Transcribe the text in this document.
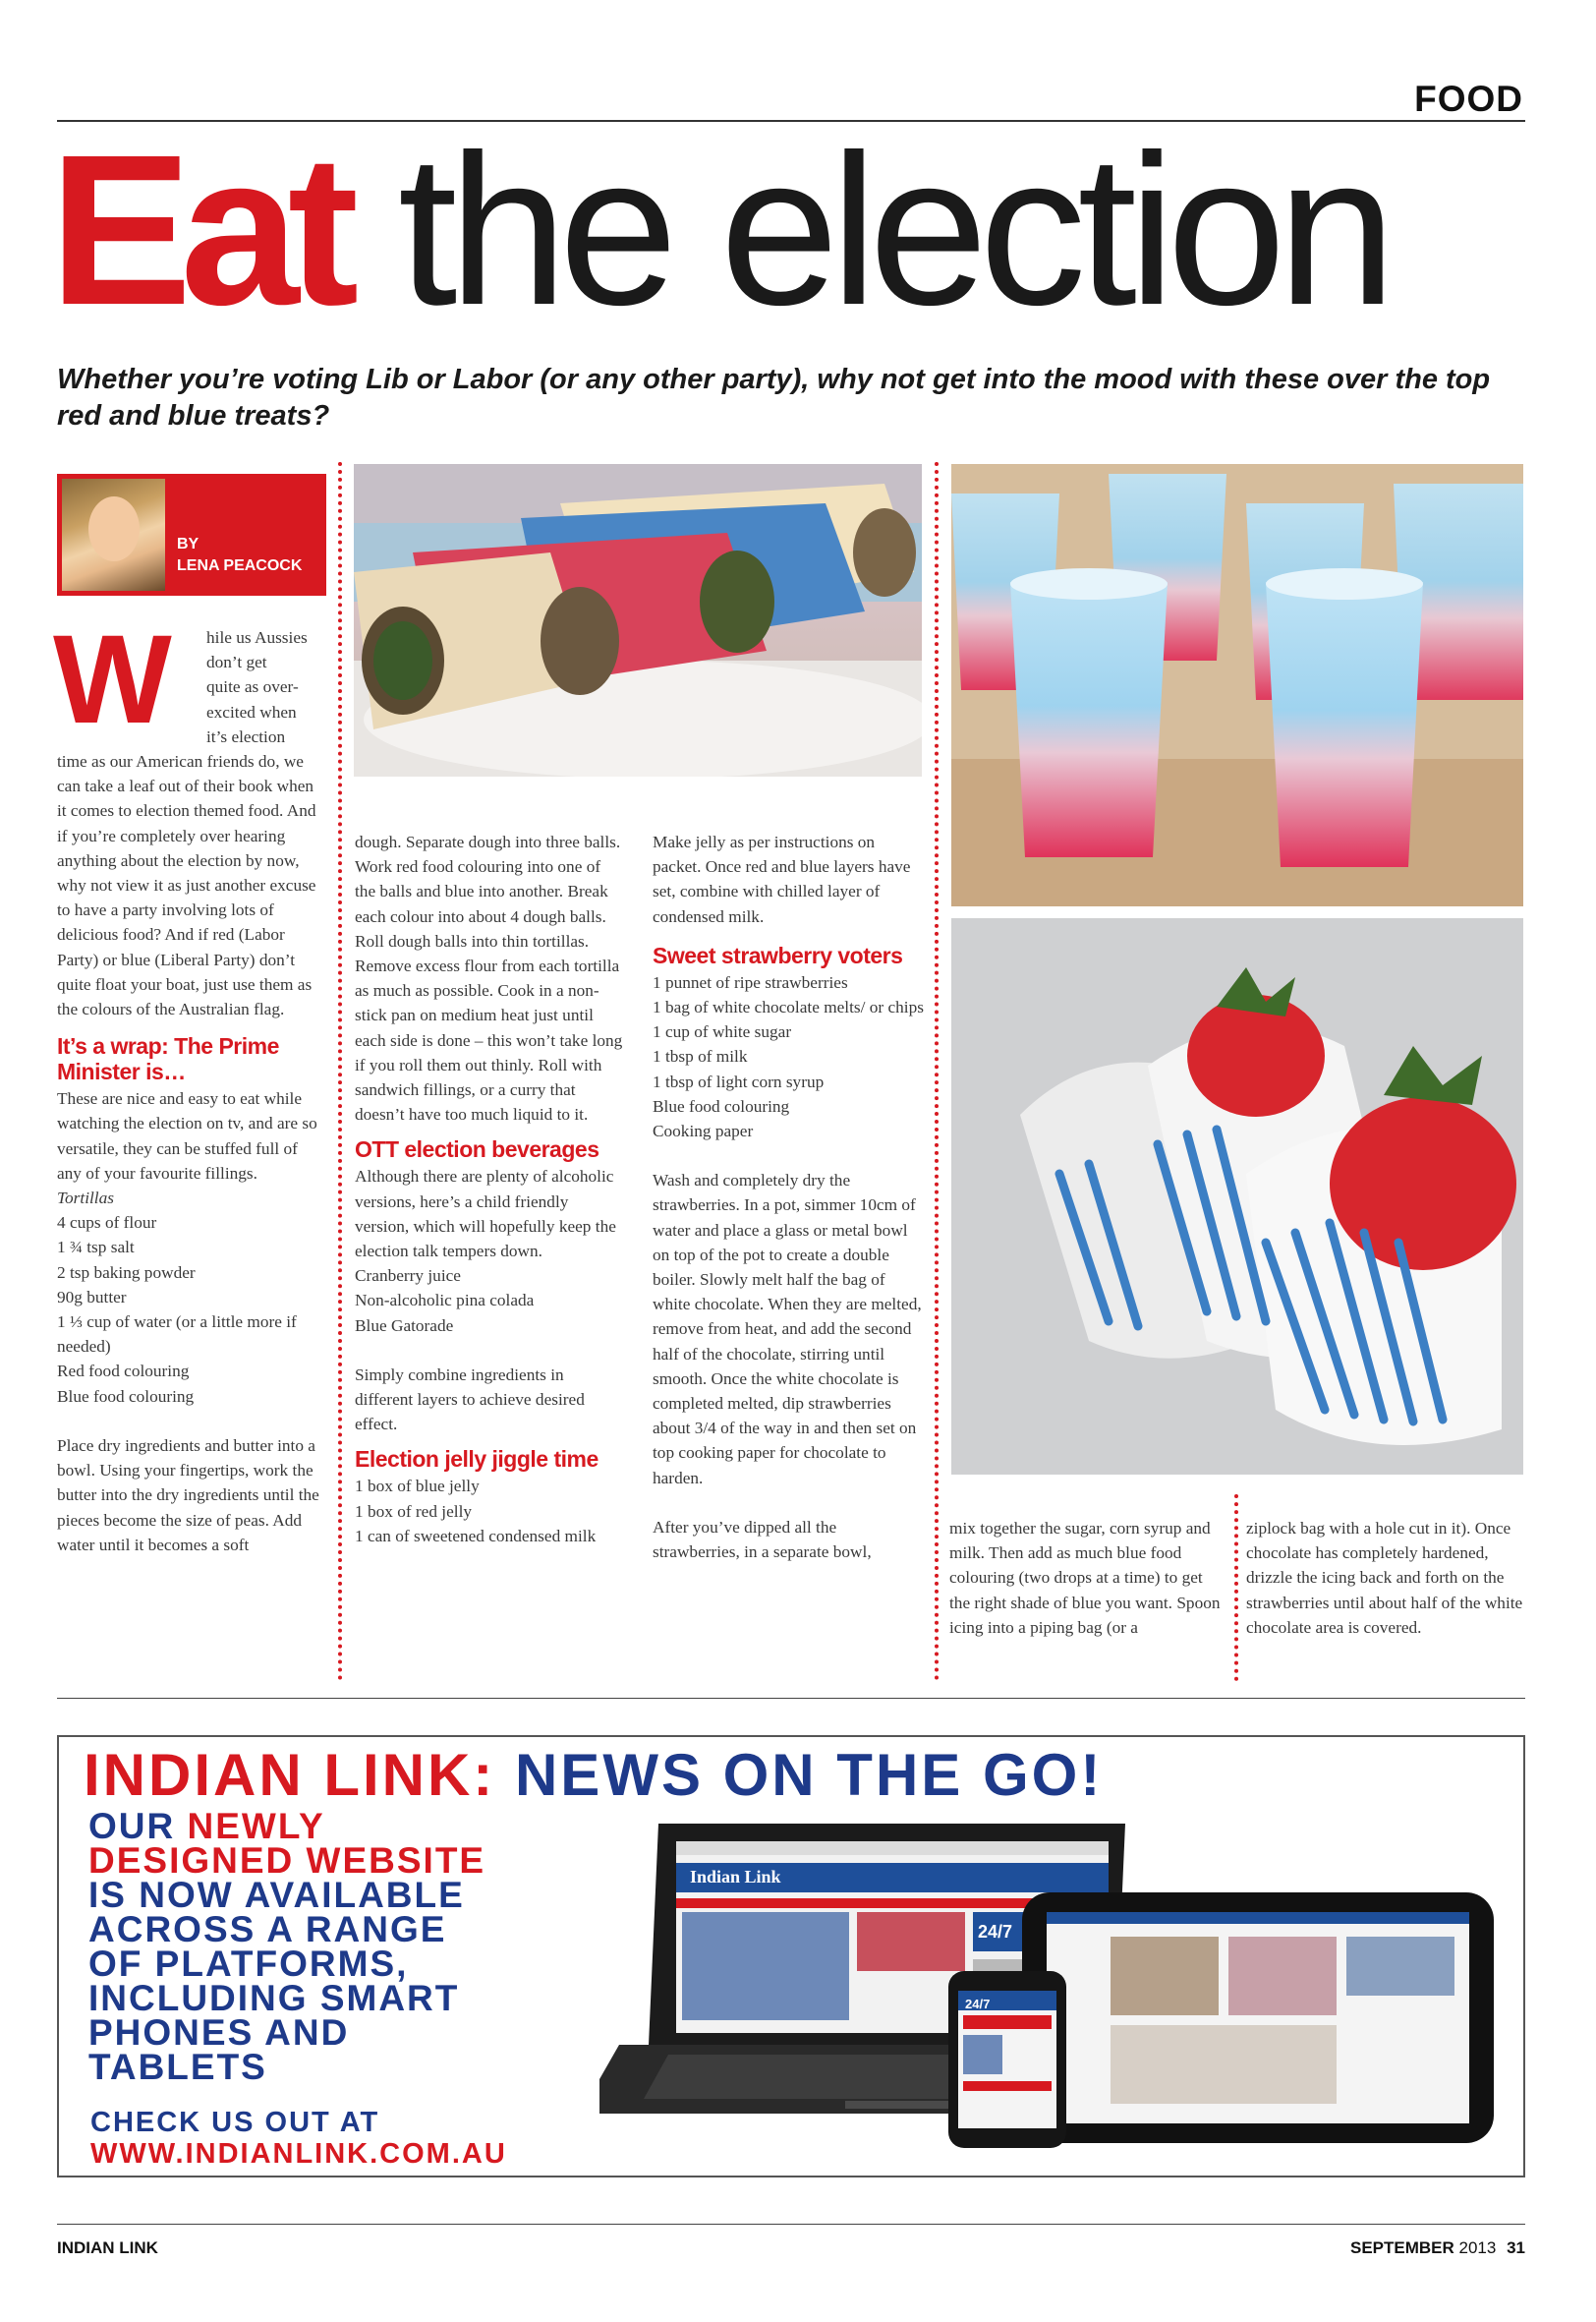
FOOD
Eat the election
Whether you’re voting Lib or Labor (or any other party), why not get into the mood with these over the top red and blue treats?
BY
LENA PEACOCK
W hile us Aussies
don’t get
quite as over-
excited when
it’s election

time as our American friends do, we can take a leaf out of their book when it comes to election themed food. And if you’re completely over hearing anything about the election by now, why not view it as just another excuse to have a party involving lots of delicious food? And if red (Labor Party) or blue (Liberal Party) don’t quite float your boat, just use them as the colours of the Australian flag.

It’s a wrap: The Prime Minister is…

These are nice and easy to eat while watching the election on tv, and are so versatile, they can be stuffed full of any of your favourite fillings.

Tortillas

4 cups of flour

1 ¾ tsp salt

2 tsp baking powder

90g butter

1 ⅓ cup of water (or a little more if needed)

Red food colouring

Blue food colouring

Place dry ingredients and butter into a bowl. Using your fingertips, work the butter into the dry ingredients until the pieces become the size of peas. Add water until it becomes a soft

dough. Separate dough into three balls. Work red food colouring into one of the balls and blue into another. Break each colour into about 4 dough balls. Roll dough balls into thin tortillas. Remove excess flour from each tortilla as much as possible. Cook in a non-stick pan on medium heat just until each side is done – this won’t take long if you roll them out thinly. Roll with sandwich fillings, or a curry that doesn’t have too much liquid to it.

OTT election beverages

Although there are plenty of alcoholic versions, here’s a child friendly version, which will hopefully keep the election talk tempers down.

Cranberry juice

Non-alcoholic pina colada

Blue Gatorade

Simply combine ingredients in different layers to achieve desired effect.

Election jelly jiggle time

1 box of blue jelly

1 box of red jelly

1 can of sweetened condensed milk

Make jelly as per instructions on packet. Once red and blue layers have set, combine with chilled layer of condensed milk.

Sweet strawberry voters

1 punnet of ripe strawberries

1 bag of white chocolate melts/ or chips

1 cup of white sugar

1 tbsp of milk

1 tbsp of light corn syrup

Blue food colouring

Cooking paper

Wash and completely dry the strawberries. In a pot, simmer 10cm of water and place a glass or metal bowl on top of the pot to create a double boiler. Slowly melt half the bag of white chocolate. When they are melted, remove from heat, and add the second half of the chocolate, stirring until smooth. Once the white chocolate is completed melted, dip strawberries about 3/4 of the way in and then set on top cooking paper for chocolate to harden.

After you’ve dipped all the strawberries, in a separate bowl,

mix together the sugar, corn syrup and milk. Then add as much blue food colouring (two drops at a time) to get the right shade of blue you want. Spoon icing into a piping bag (or a

ziplock bag with a hole cut in it). Once chocolate has completely hardened, drizzle the icing back and forth on the strawberries until about half of the white chocolate area is covered.

INDIAN LINK: NEWS ON THE GO!
OUR NEWLY
DESIGNED WEBSITE
IS NOW AVAILABLE
ACROSS A RANGE
OF PLATFORMS,
INCLUDING SMART
PHONES AND
TABLETS
CHECK US OUT AT
WWW.INDIANLINK.COM.AU
Indian Link
24/7
24/7
INDIAN LINK	SEPTEMBER 2013 31
